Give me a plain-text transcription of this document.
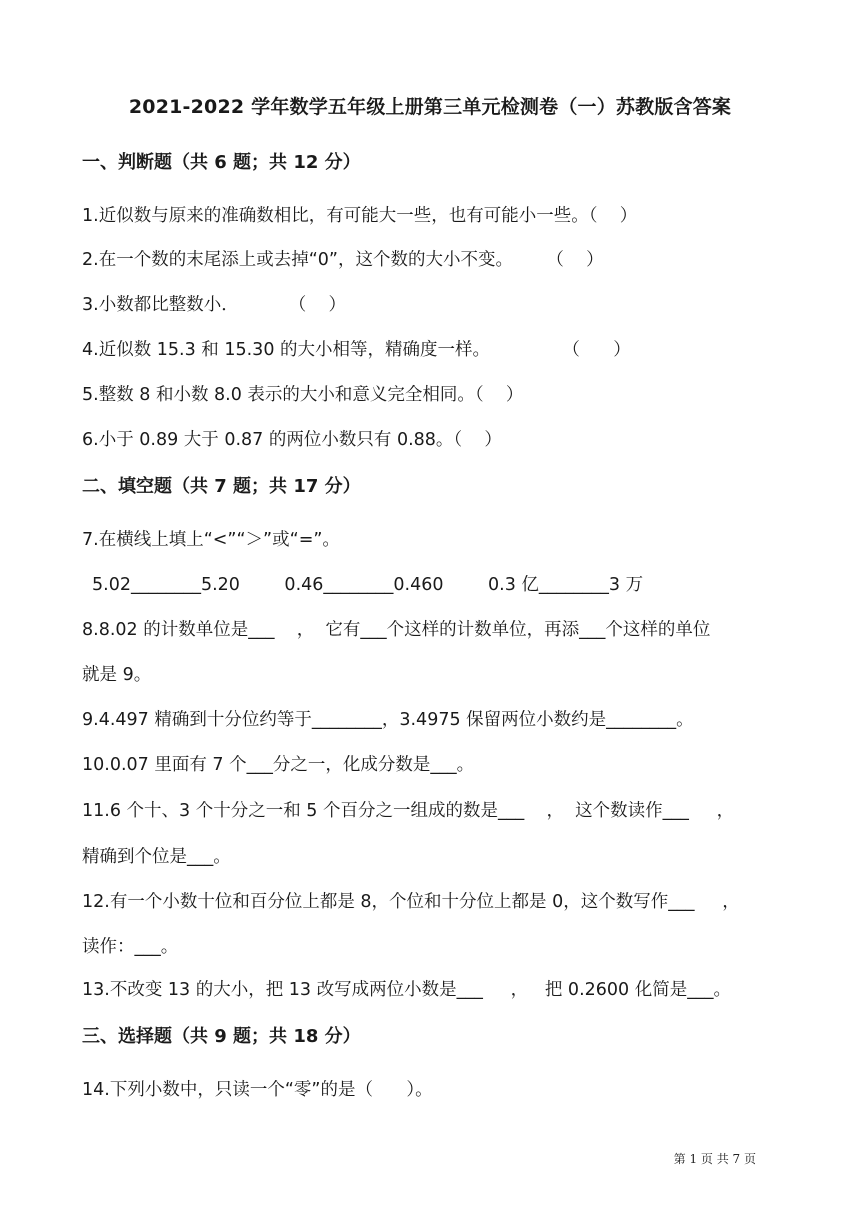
2021-2022 学年数学五年级上册第三单元检测卷（一）苏教版含答案
一、判断题（共 6 题；共 12 分）
1.近似数与原来的准确数相比，有可能大一些，也有可能小一些。（    ）
2.在一个数的末尾添上或去掉“0”，这个数的大小不变。      （    ）
3.小数都比整数小．         （    ）
4.近似数 15.3 和 15.30 的大小相等，精确度一样。             （      ）
5.整数 8 和小数 8.0 表示的大小和意义完全相同。（    ）
6.小于 0.89 大于 0.87 的两位小数只有 0.88。（    ）
二、填空题（共 7 题；共 17 分）
7.在横线上填上“<”“＞”或“=”。
5.02________5.20        0.46________0.460        0.3 亿________3 万
8.8.02 的计数单位是___    ，  它有___个这样的计数单位，再添___个这样的单位
就是 9。
9.4.497 精确到十分位约等于________，3.4975 保留两位小数约是________。
10.0.07 里面有 7 个___分之一，化成分数是___。
11.6 个十、3 个十分之一和 5 个百分之一组成的数是___    ，  这个数读作___     ，
精确到个位是___。
12.有一个小数十位和百分位上都是 8，个位和十分位上都是 0，这个数写作___     ，
读作：___。
13.不改变 13 的大小，把 13 改写成两位小数是___     ，   把 0.2600 化简是___。
三、选择题（共 9 题；共 18 分）
14.下列小数中，只读一个“零”的是（      ）。
第 1 页 共 7 页
